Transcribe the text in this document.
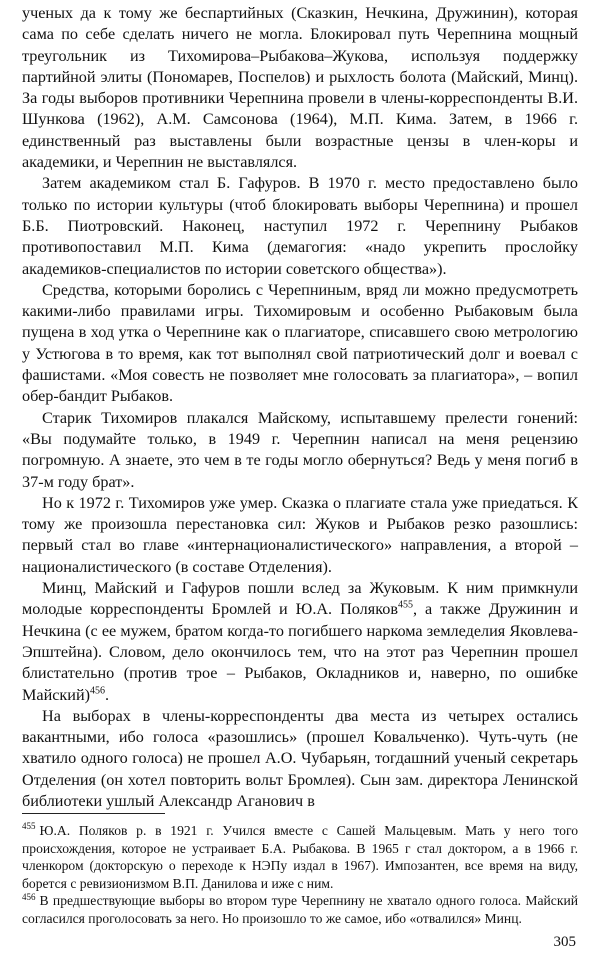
ученых да к тому же беспартийных (Сказкин, Нечкина, Дружинин), которая сама по себе сделать ничего не могла. Блокировал путь Черепнина мощный треугольник из Тихомирова–Рыбакова–Жукова, используя поддержку партийной элиты (Пономарев, Поспелов) и рыхлость болота (Майский, Минц). За годы выборов противники Черепнина провели в члены-корреспонденты В.И. Шункова (1962), А.М. Самсонова (1964), М.П. Кима. Затем, в 1966 г. единственный раз выставлены были возрастные цензы в член-коры и академики, и Черепнин не выставлялся.

Затем академиком стал Б. Гафуров. В 1970 г. место предоставлено было только по истории культуры (чтоб блокировать выборы Черепнина) и прошел Б.Б. Пиотровский. Наконец, наступил 1972 г. Черепнину Рыбаков противопоставил М.П. Кима (демагогия: «надо укрепить прослойку академиков-специалистов по истории советского общества»).

Средства, которыми боролись с Черепниным, вряд ли можно предусмотреть какими-либо правилами игры. Тихомировым и особенно Рыбаковым была пущена в ход утка о Черепнине как о плагиаторе, списавшего свою метрологию у Устюгова в то время, как тот выполнял свой патриотический долг и воевал с фашистами. «Моя совесть не позволяет мне голосовать за плагиатора», – вопил обер-бандит Рыбаков.

Старик Тихомиров плакался Майскому, испытавшему прелести гонений: «Вы подумайте только, в 1949 г. Черепнин написал на меня рецензию погромную. А знаете, это чем в те годы могло обернуться? Ведь у меня погиб в 37-м году брат».

Но к 1972 г. Тихомиров уже умер. Сказка о плагиате стала уже приедаться. К тому же произошла перестановка сил: Жуков и Рыбаков резко разошлись: первый стал во главе «интернационалистического» направления, а второй – националистического (в составе Отделения).

Минц, Майский и Гафуров пошли вслед за Жуковым. К ним примкнули молодые корреспонденты Бромлей и Ю.А. Поляков$^{455}$, а также Дружинин и Нечкина (с ее мужем, братом когда-то погибшего наркома земледелия Яковлева-Эпштейна). Словом, дело окончилось тем, что на этот раз Черепнин прошел блистательно (против трое – Рыбаков, Окладников и, наверно, по ошибке Майский)$^{456}$.

На выборах в члены-корреспонденты два места из четырех остались вакантными, ибо голоса «разошлись» (прошел Ковальченко). Чуть-чуть (не хватило одного голоса) не прошел А.О. Чубарьян, тогдашний ученый секретарь Отделения (он хотел повторить вольт Бромлея). Сын зам. директора Ленинской библиотеки ушлый Александр Аганович в

$^{455}$ Ю.А. Поляков р. в 1921 г. Учился вместе с Сашей Мальцевым. Мать у него того происхождения, которое не устраивает Б.А. Рыбакова. В 1965 г стал доктором, а в 1966 г. членкором (докторскую о переходе к НЭПу издал в 1967). Импозантен, все время на виду, борется с ревизионизмом В.П. Данилова и иже с ним.

$^{456}$ В предшествующие выборы во втором туре Черепнину не хватало одного голоса. Майский согласился проголосовать за него. Но произошло то же самое, ибо «отвалился» Минц.

305
